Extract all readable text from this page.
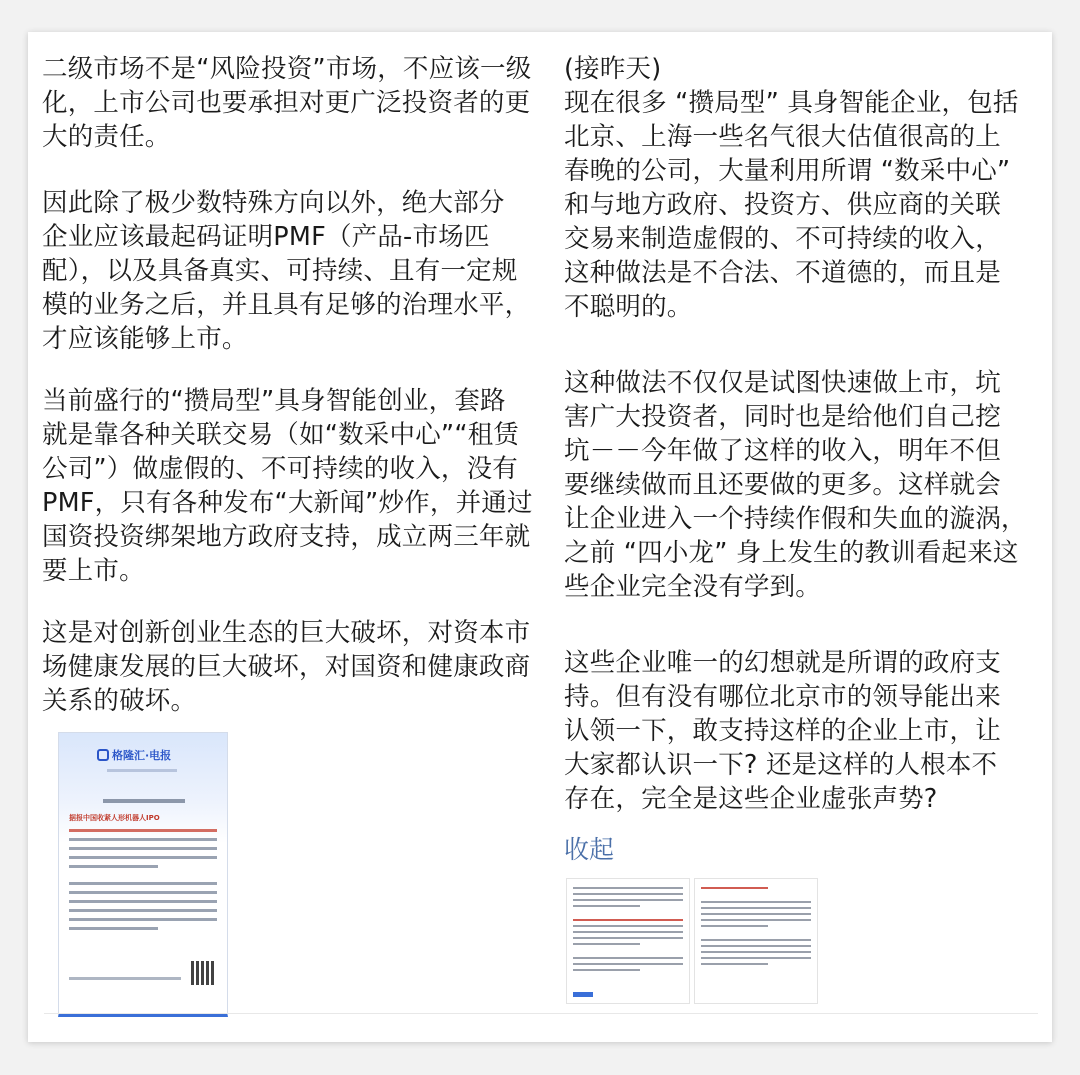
二级市场不是“风险投资”市场，不应该一级
化，上市公司也要承担对更广泛投资者的更
大的责任。

因此除了极少数特殊方向以外，绝大部分
企业应该最起码证明PMF（产品-市场匹
配），以及具备真实、可持续、且有一定规
模的业务之后，并且具有足够的治理水平，
才应该能够上市。

当前盛行的“攒局型”具身智能创业，套路
就是靠各种关联交易（如“数采中心”“租赁
公司”）做虚假的、不可持续的收入，没有
PMF，只有各种发布“大新闻”炒作，并通过
国资投资绑架地方政府支持，成立两三年就
要上市。

这是对创新创业生态的巨大破坏，对资本市
场健康发展的巨大破坏，对国资和健康政商
关系的破坏。

格隆汇·电报
据报中国收紧人形机器人IPO

(接昨天)

现在很多 “攒局型” 具身智能企业，包括
北京、上海一些名气很大估值很高的上
春晚的公司，大量利用所谓 “数采中心”
和与地方政府、投资方、供应商的关联
交易来制造虚假的、不可持续的收入，
这种做法是不合法、不道德的，而且是
不聪明的。

这种做法不仅仅是试图快速做上市，坑
害广大投资者，同时也是给他们自己挖
坑－－今年做了这样的收入，明年不但
要继续做而且还要做的更多。这样就会
让企业进入一个持续作假和失血的漩涡，
之前 “四小龙” 身上发生的教训看起来这
些企业完全没有学到。

这些企业唯一的幻想就是所谓的政府支
持。但有没有哪位北京市的领导能出来
认领一下，敢支持这样的企业上市，让
大家都认识一下? 还是这样的人根本不
存在，完全是这些企业虚张声势?

收起
